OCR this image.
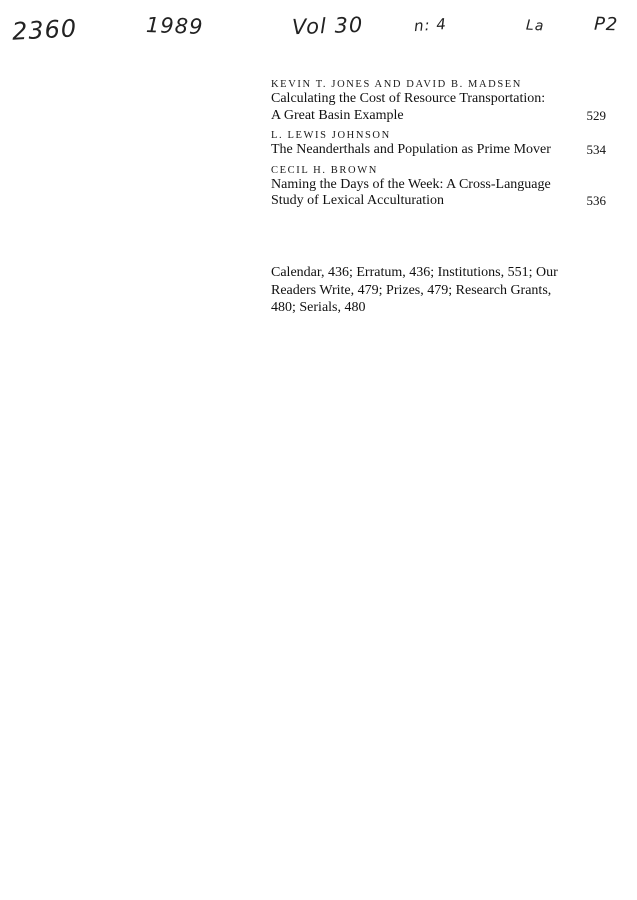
2360	1989	Vol 30	n: 4	La	P2
KEVIN T. JONES AND DAVID B. MADSEN
Calculating the Cost of Resource Transportation: A Great Basin Example	529
L. LEWIS JOHNSON
The Neanderthals and Population as Prime Mover	534
CECIL H. BROWN
Naming the Days of the Week: A Cross-Language Study of Lexical Acculturation	536
Calendar, 436; Erratum, 436; Institutions, 551; Our Readers Write, 479; Prizes, 479; Research Grants, 480; Serials, 480
